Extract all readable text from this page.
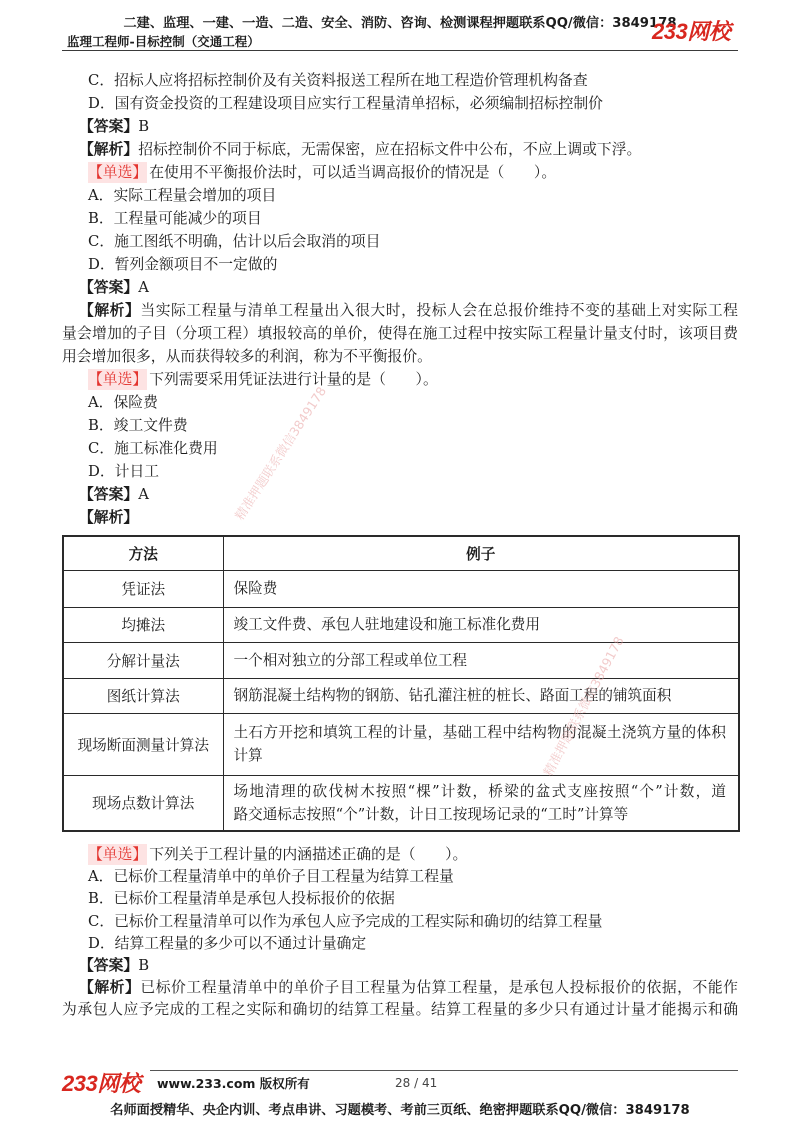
二建、监理、一建、一造、二造、安全、消防、咨询、检测课程押题联系QQ/微信：3849178
监理工程师-目标控制（交通工程）	233网校
C．招标人应将招标控制价及有关资料报送工程所在地工程造价管理机构备查
D．国有资金投资的工程建设项目应实行工程量清单招标，必须编制招标控制价
【答案】B
【解析】招标控制价不同于标底，无需保密，应在招标文件中公布，不应上调或下浮。
【单选】 在使用不平衡报价法时，可以适当调高报价的情况是（　　）。
A．实际工程量会增加的项目
B．工程量可能减少的项目
C．施工图纸不明确，估计以后会取消的项目
D．暂列金额项目不一定做的
【答案】A
【解析】当实际工程量与清单工程量出入很大时，投标人会在总报价维持不变的基础上对实际工程
量会增加的子目（分项工程）填报较高的单价，使得在施工过程中按实际工程量计量支付时，该项目费
用会增加很多，从而获得较多的利润，称为不平衡报价。
【单选】 下列需要采用凭证法进行计量的是（　　）。
A．保险费
B．竣工文件费
C．施工标准化费用
D．计日工
【答案】A
【解析】
方法	例子
凭证法	保险费

均摊法	竣工文件费、承包人驻地建设和施工标准化费用

分解计量法	一个相对独立的分部工程或单位工程

图纸计算法	钢筋混凝土结构物的钢筋、钻孔灌注桩的桩长、路面工程的铺筑面积

现场断面测量计算法	土石方开挖和填筑工程的计量，基础工程中结构物的混凝土浇筑方量的体积
计算

现场点数计算法	场地清理的砍伐树木按照“棵”计数，桥梁的盆式支座按照“个”计数，道
路交通标志按照“个”计数，计日工按现场记录的“工时”计算等
【单选】 下列关于工程计量的内涵描述正确的是（　　）。
A．已标价工程量清单中的单价子目工程量为结算工程量
B．已标价工程量清单是承包人投标报价的依据
C．已标价工程量清单可以作为承包人应予完成的工程实际和确切的结算工程量
D．结算工程量的多少可以不通过计量确定
【答案】B
【解析】已标价工程量清单中的单价子目工程量为估算工程量，是承包人投标报价的依据，不能作
为承包人应予完成的工程之实际和确切的结算工程量。结算工程量的多少只有通过计量才能揭示和确
精准押题联系微信3849178
精准押题联系微信3849178
233网校 www.233.com 版权所有	28 / 41
名师面授精华、央企内训、考点串讲、习题模考、考前三页纸、绝密押题联系QQ/微信：3849178
